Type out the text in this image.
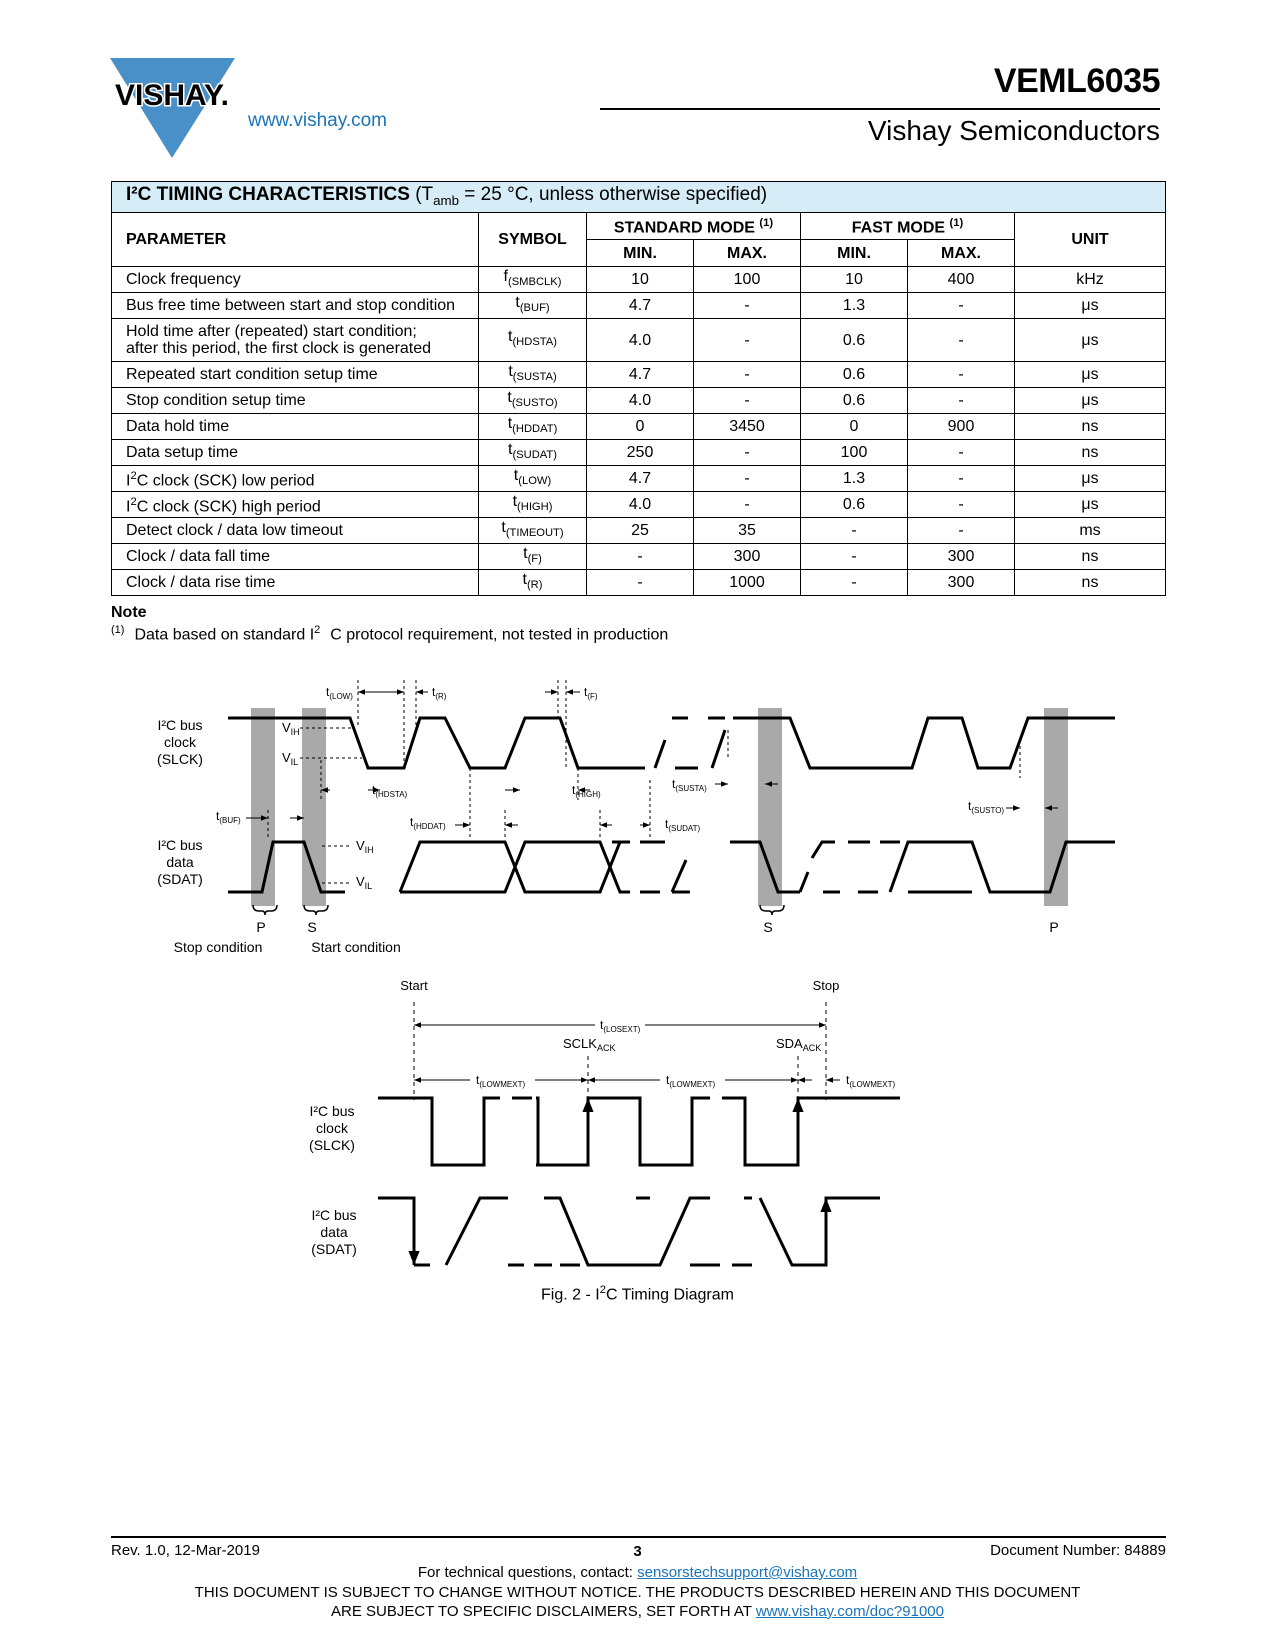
VISHAY.
www.vishay.com
VEML6035
Vishay Semiconductors
I²C TIMING CHARACTERISTICS ($T_{amb} = 25$ °C, unless otherwise specified)						
PARAMETER	SYMBOL	STANDARD MODE $^{(1)}$		FAST MODE $^{(1)}$		UNIT
		MIN.	MAX.	MIN.	MAX.	
Clock frequency	$f_{(SMBCLK)}$	10	100	10	400	kHz
Bus free time between start and stop condition	$t_{(BUF)}$	4.7	-	1.3	-	μs
Hold time after (repeated) start condition;
after this period, the first clock is generated	$t_{(HDSTA)}$	4.0	-	0.6	-	μs
Repeated start condition setup time	$t_{(SUSTA)}$	4.7	-	0.6	-	μs
Stop condition setup time	$t_{(SUSTO)}$	4.0	-	0.6	-	μs
Data hold time	$t_{(HDDAT)}$	0	3450	0	900	ns
Data setup time	$t_{(SUDAT)}$	250	-	100	-	ns
$I^2C$ clock (SCK) low period	$t_{(LOW)}$	4.7	-	1.3	-	μs
$I^2C$ clock (SCK) high period	$t_{(HIGH)}$	4.0	-	0.6	-	μs
Detect clock / data low timeout	$t_{(TIMEOUT)}$	25	35	-	-	ms
Clock / data fall time	$t_{(F)}$	-	300	-	300	ns
Clock / data rise time	$t_{(R)}$	-	1000	-	300	ns
Note
$^{(1)}$ Data based on standard $I^2$ C protocol requirement, not tested in production
I²C bus
clock
(SLCK)
I²C bus
data
(SDAT)
$V_{IH}$
$V_{IL}$
$V_{IH}$
$V_{IL}$
$t_{(LOW)}$	$t_{(R)}$	$t_{(F)}$
$t_{(HDSTA)}$	$t_{(HIGH)}$
$t_{(SUSTA)}$
$t_{(BUF)}$	$t_{(HDDAT)}$	$t_{(SUDAT)}$
$t_{(SUSTO)}$
P	S	S	P
Stop condition	Start condition
Start	Stop
$t_{(LOSEXT)}$
$t_{(LOWMEXT)}$	$t_{(LOWMEXT)}$	$t_{(LOWMEXT)}$
$SCLK_{ACK}$	$SDA_{ACK}$
I²C bus
clock
(SLCK)
I²C bus
data
(SDAT)
Fig. $2 - I^2C$ Timing Diagram
Rev. 1.0, 12-Mar-2019	3	Document Number: 84889
For technical questions, contact: sensorstechsupport@vishay.com
THIS DOCUMENT IS SUBJECT TO CHANGE WITHOUT NOTICE. THE PRODUCTS DESCRIBED HEREIN AND THIS DOCUMENT
ARE SUBJECT TO SPECIFIC DISCLAIMERS, SET FORTH AT www.vishay.com/doc?91000
